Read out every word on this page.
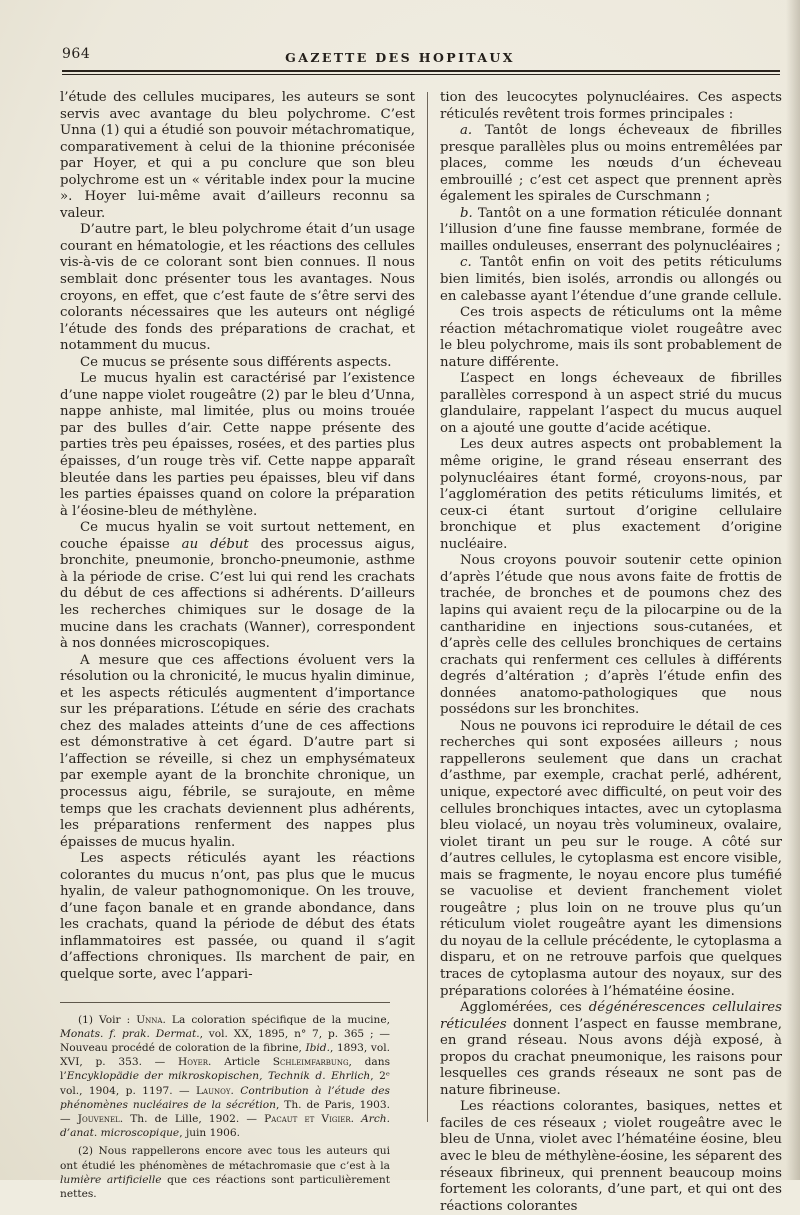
964	GAZETTE DES HOPITAUX

l’étude des cellules mucipares, les auteurs se sont servis avec avantage du bleu polychrome. C’est Unna (1) qui a étudié son pouvoir métachromatique, comparativement à celui de la thionine préconisée par Hoyer, et qui a pu conclure que son bleu polychrome est un « véritable index pour la mucine ». Hoyer lui-même avait d’ailleurs reconnu sa valeur.

D’autre part, le bleu polychrome était d’un usage courant en hématologie, et les réactions des cellules vis-à-vis de ce colorant sont bien connues. Il nous semblait donc présenter tous les avantages. Nous croyons, en effet, que c’est faute de s’être servi des colorants nécessaires que les auteurs ont négligé l’étude des fonds des préparations de crachat, et notamment du mucus.

Ce mucus se présente sous différents aspects.

Le mucus hyalin est caractérisé par l’existence d’une nappe violet rougeâtre (2) par le bleu d’Unna, nappe anhiste, mal limitée, plus ou moins trouée par des bulles d’air. Cette nappe présente des parties très peu épaisses, rosées, et des parties plus épaisses, d’un rouge très vif. Cette nappe apparaît bleutée dans les parties peu épaisses, bleu vif dans les parties épaisses quand on colore la préparation à l’éosine-bleu de méthylène.

Ce mucus hyalin se voit surtout nettement, en couche épaisse au début des processus aigus, bronchite, pneumonie, broncho-pneumonie, asthme à la période de crise. C’est lui qui rend les crachats du début de ces affections si adhérents. D’ailleurs les recherches chimiques sur le dosage de la mucine dans les crachats (Wanner), correspondent à nos données microscopiques.

A mesure que ces affections évoluent vers la résolution ou la chronicité, le mucus hyalin diminue, et les aspects réticulés augmentent d’importance sur les préparations. L’étude en série des crachats chez des malades atteints d’une de ces affections est démonstrative à cet égard. D’autre part si l’affection se réveille, si chez un emphysémateux par exemple ayant de la bronchite chronique, un processus aigu, fébrile, se surajoute, en même temps que les crachats deviennent plus adhérents, les préparations renferment des nappes plus épaisses de mucus hyalin.

Les aspects réticulés ayant les réactions colorantes du mucus n’ont, pas plus que le mucus hyalin, de valeur pathognomonique. On les trouve, d’une façon banale et en grande abondance, dans les crachats, quand la période de début des états inflammatoires est passée, ou quand il s’agit d’affections chroniques. Ils marchent de pair, en quelque sorte, avec l’appari-

(1) Voir : Unna. La coloration spécifique de la mucine, Monats. f. prak. Dermat., vol. XX, 1895, n° 7, p. 365 ; — Nouveau procédé de coloration de la fibrine, Ibid., 1893, vol. XVI, p. 353. — Hoyer. Article Schleimfarbung, dans l’Encyklopädie der mikroskopischen, Technik d. Ehrlich, 2ᵉ vol., 1904, p. 1197. — Launoy. Contribution à l’étude des phénomènes nucléaires de la sécrétion, Th. de Paris, 1903. — Jouvenel. Th. de Lille, 1902. — Pacaut et Vigier. Arch. d’anat. microscopique, juin 1906.

(2) Nous rappellerons encore avec tous les auteurs qui ont étudié les phénomènes de métachromasie que c’est à la lumière artificielle que ces réactions sont particulièrement nettes.

tion des leucocytes polynucléaires. Ces aspects réticulés revêtent trois formes principales :

a. Tantôt de longs écheveaux de fibrilles presque parallèles plus ou moins entremêlées par places, comme les nœuds d’un écheveau embrouillé ; c’est cet aspect que prennent après également les spirales de Curschmann ;

b. Tantôt on a une formation réticulée donnant l’illusion d’une fine fausse membrane, formée de mailles onduleuses, enserrant des polynucléaires ;

c. Tantôt enfin on voit des petits réticulums bien limités, bien isolés, arrondis ou allongés ou en calebasse ayant l’étendue d’une grande cellule.

Ces trois aspects de réticulums ont la même réaction métachromatique violet rougeâtre avec le bleu polychrome, mais ils sont probablement de nature différente.

L’aspect en longs écheveaux de fibrilles parallèles correspond à un aspect strié du mucus glandulaire, rappelant l’aspect du mucus auquel on a ajouté une goutte d’acide acétique.

Les deux autres aspects ont probablement la même origine, le grand réseau enserrant des polynucléaires étant formé, croyons-nous, par l’agglomération des petits réticulums limités, et ceux-ci étant surtout d’origine cellulaire bronchique et plus exactement d’origine nucléaire.

Nous croyons pouvoir soutenir cette opinion d’après l’étude que nous avons faite de frottis de trachée, de bronches et de poumons chez des lapins qui avaient reçu de la pilocarpine ou de la cantharidine en injections sous-cutanées, et d’après celle des cellules bronchiques de certains crachats qui renferment ces cellules à différents degrés d’altération ; d’après l’étude enfin des données anatomo-pathologiques que nous possédons sur les bronchites.

Nous ne pouvons ici reproduire le détail de ces recherches qui sont exposées ailleurs ; nous rappellerons seulement que dans un crachat d’asthme, par exemple, crachat perlé, adhérent, unique, expectoré avec difficulté, on peut voir des cellules bronchiques intactes, avec un cytoplasma bleu violacé, un noyau très volumineux, ovalaire, violet tirant un peu sur le rouge. A côté sur d’autres cellules, le cytoplasma est encore visible, mais se fragmente, le noyau encore plus tuméfié se vacuolise et devient franchement violet rougeâtre ; plus loin on ne trouve plus qu’un réticulum violet rougeâtre ayant les dimensions du noyau de la cellule précédente, le cytoplasma a disparu, et on ne retrouve parfois que quelques traces de cytoplasma autour des noyaux, sur des préparations colorées à l’hématéine éosine.

Agglomérées, ces dégénérescences cellulaires réticulées donnent l’aspect en fausse membrane, en grand réseau. Nous avons déjà exposé, à propos du crachat pneumonique, les raisons pour lesquelles ces grands réseaux ne sont pas de nature fibrineuse.

Les réactions colorantes, basiques, nettes et faciles de ces réseaux ; violet rougeâtre avec le bleu de Unna, violet avec l’hématéine éosine, bleu avec le bleu de méthylène-éosine, les séparent des réseaux fibrineux, qui prennent beaucoup moins fortement les colorants, d’une part, et qui ont des réactions colorantes
